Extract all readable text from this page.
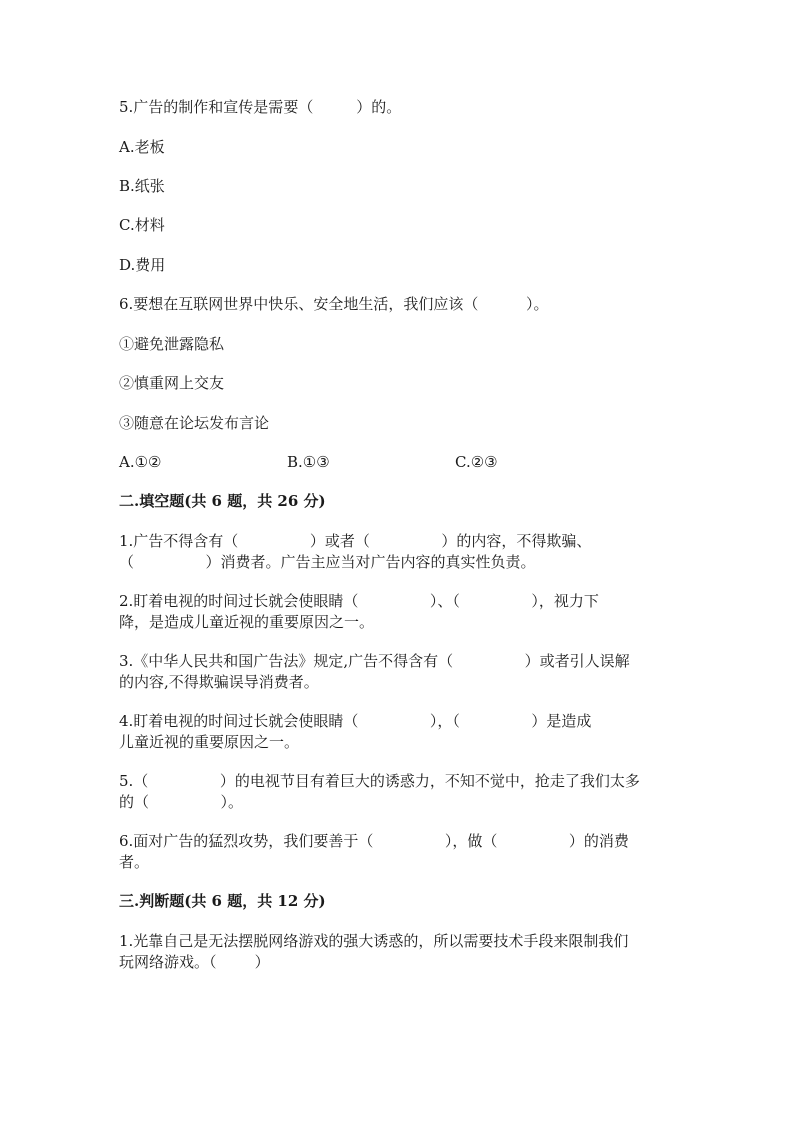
5.广告的制作和宣传是需要（         ）的。
A.老板
B.纸张
C.材料
D.费用
6.要想在互联网世界中快乐、安全地生活，我们应该（          ）。
①避免泄露隐私
②慎重网上交友
③随意在论坛发布言论

A.①②

	B.①③

	C.②③

二.填空题(共 6 题，共 26 分)
1.广告不得含有（               ）或者（               ）的内容，不得欺骗、
（               ）消费者。广告主应当对广告内容的真实性负责。
2.盯着电视的时间过长就会使眼睛（               ）、（               ），视力下
降，是造成儿童近视的重要原因之一。
3.《中华人民共和国广告法》规定,广告不得含有（               ）或者引人误解
的内容,不得欺骗误导消费者。
4.盯着电视的时间过长就会使眼睛（               ），（               ）是造成
儿童近视的重要原因之一。
5.（               ）的电视节目有着巨大的诱惑力，不知不觉中，抢走了我们太多
的（               ）。
6.面对广告的猛烈攻势，我们要善于（               ），做（               ）的消费
者。
三.判断题(共 6 题，共 12 分)
1.光靠自己是无法摆脱网络游戏的强大诱惑的，所以需要技术手段来限制我们
玩网络游戏。（        ）
